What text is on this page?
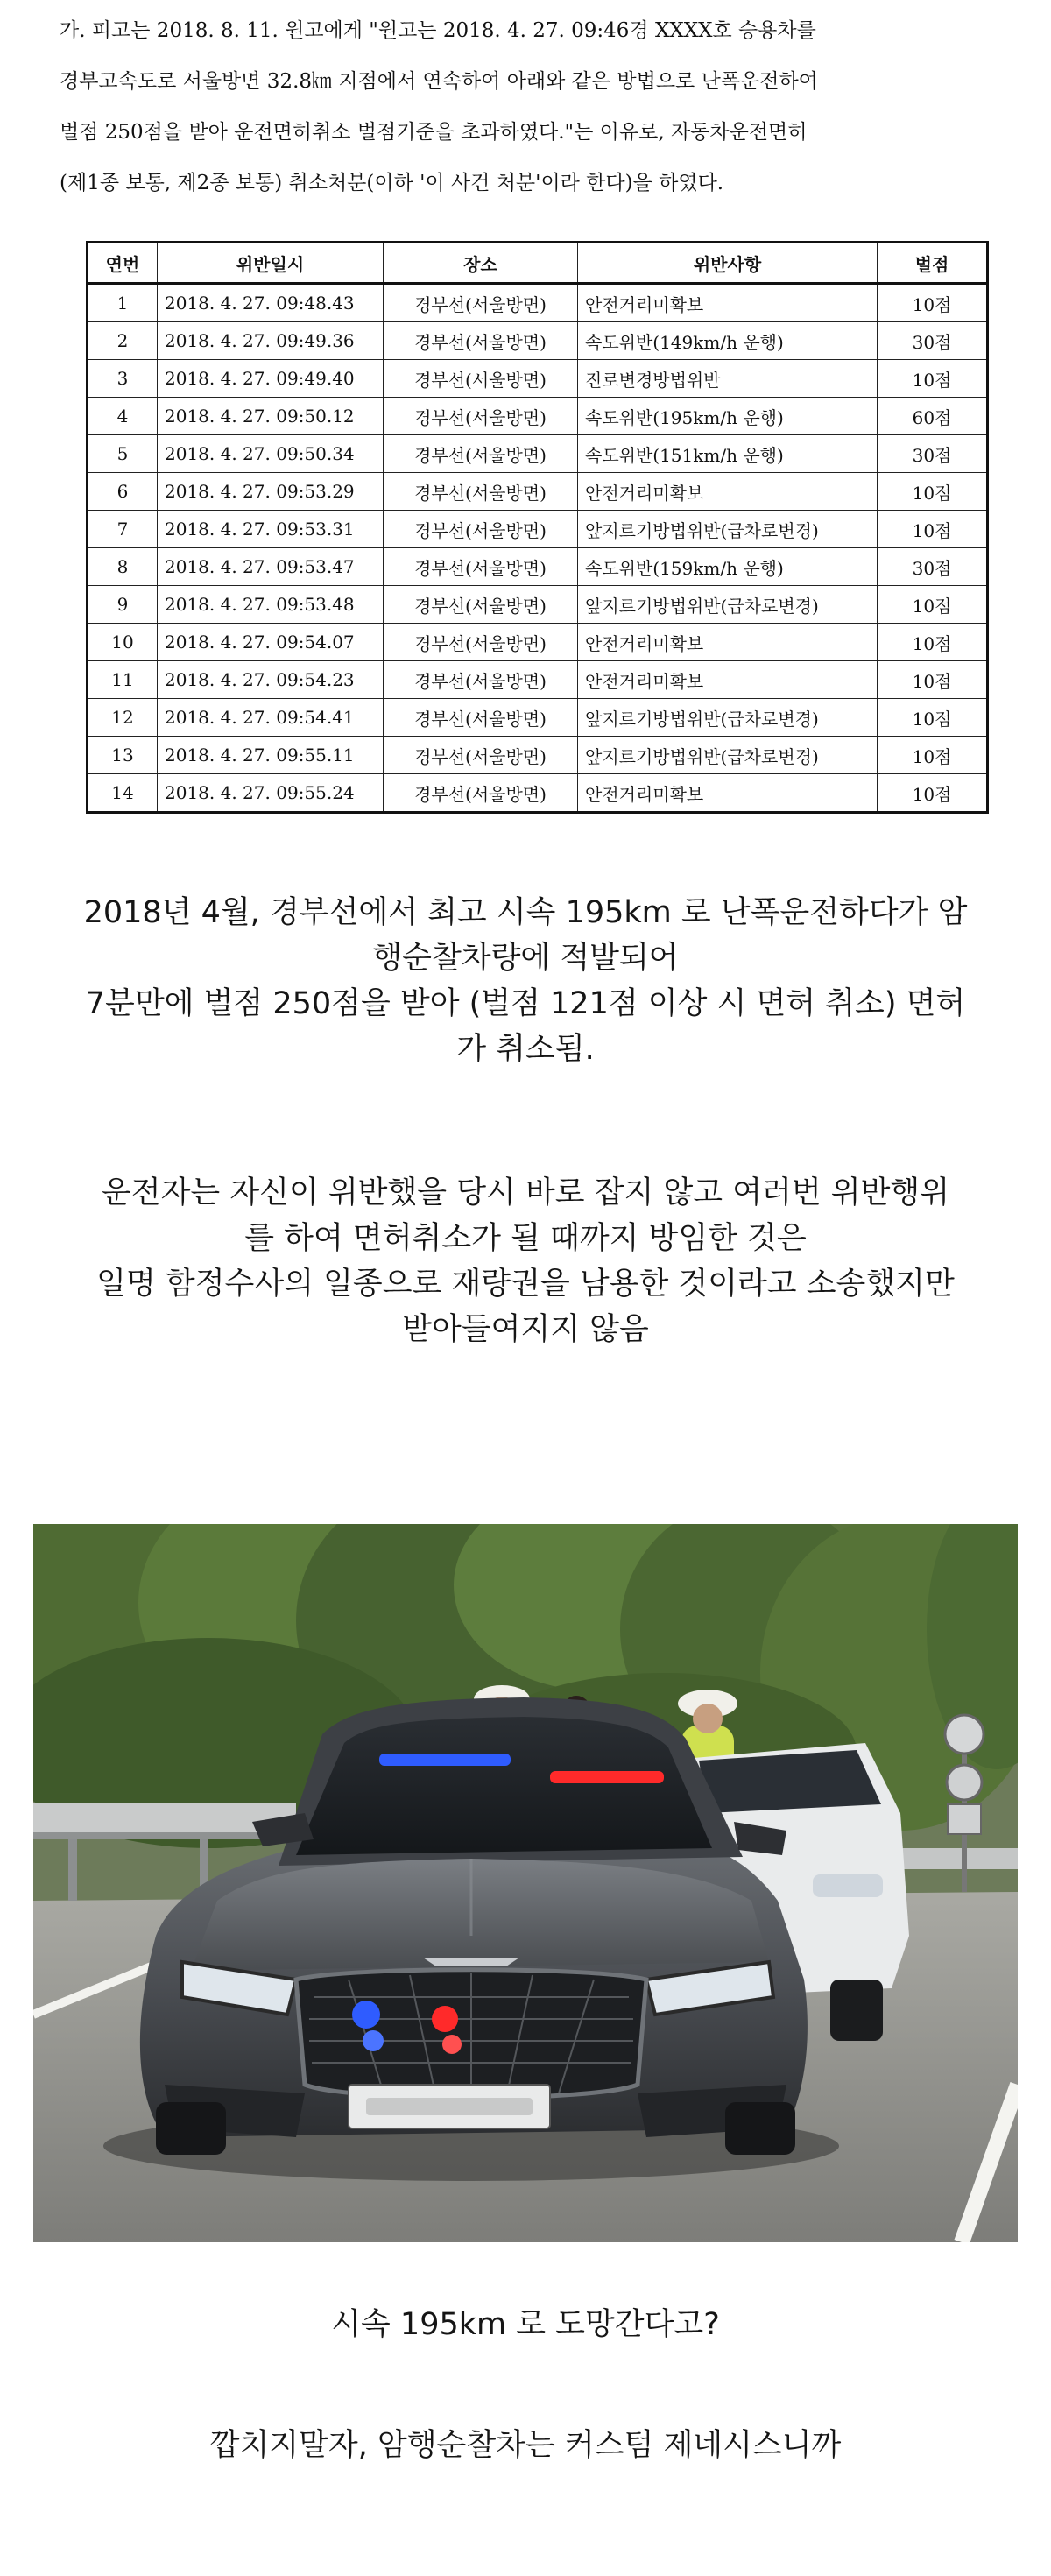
가. 피고는 2018. 8. 11. 원고에게 "원고는 2018. 4. 27. 09:46경 XXXX호 승용차를
경부고속도로 서울방면 32.8㎞ 지점에서 연속하여 아래와 같은 방법으로 난폭운전하여
벌점 250점을 받아 운전면허취소 벌점기준을 초과하였다."는 이유로, 자동차운전면허
(제1종 보통, 제2종 보통) 취소처분(이하 '이 사건 처분'이라 한다)을 하였다.
연번	위반일시	장소	위반사항	벌점
1	2018. 4. 27. 09:48.43	경부선(서울방면)	안전거리미확보	10점
2	2018. 4. 27. 09:49.36	경부선(서울방면)	속도위반(149km/h 운행)	30점
3	2018. 4. 27. 09:49.40	경부선(서울방면)	진로변경방법위반	10점
4	2018. 4. 27. 09:50.12	경부선(서울방면)	속도위반(195km/h 운행)	60점
5	2018. 4. 27. 09:50.34	경부선(서울방면)	속도위반(151km/h 운행)	30점
6	2018. 4. 27. 09:53.29	경부선(서울방면)	안전거리미확보	10점
7	2018. 4. 27. 09:53.31	경부선(서울방면)	앞지르기방법위반(급차로변경)	10점
8	2018. 4. 27. 09:53.47	경부선(서울방면)	속도위반(159km/h 운행)	30점
9	2018. 4. 27. 09:53.48	경부선(서울방면)	앞지르기방법위반(급차로변경)	10점
10	2018. 4. 27. 09:54.07	경부선(서울방면)	안전거리미확보	10점
11	2018. 4. 27. 09:54.23	경부선(서울방면)	안전거리미확보	10점
12	2018. 4. 27. 09:54.41	경부선(서울방면)	앞지르기방법위반(급차로변경)	10점
13	2018. 4. 27. 09:55.11	경부선(서울방면)	앞지르기방법위반(급차로변경)	10점
14	2018. 4. 27. 09:55.24	경부선(서울방면)	안전거리미확보	10점
2018년 4월, 경부선에서 최고 시속 195km 로 난폭운전하다가 암
행순찰차량에 적발되어
7분만에 벌점 250점을 받아 (벌점 121점 이상 시 면허 취소) 면허
가 취소됨.
운전자는 자신이 위반했을 당시 바로 잡지 않고 여러번 위반행위
를 하여 면허취소가 될 때까지 방임한 것은
일명 함정수사의 일종으로 재량권을 남용한 것이라고 소송했지만
받아들여지지 않음
시속 195km 로 도망간다고?
깝치지말자, 암행순찰차는 커스텀 제네시스니까
